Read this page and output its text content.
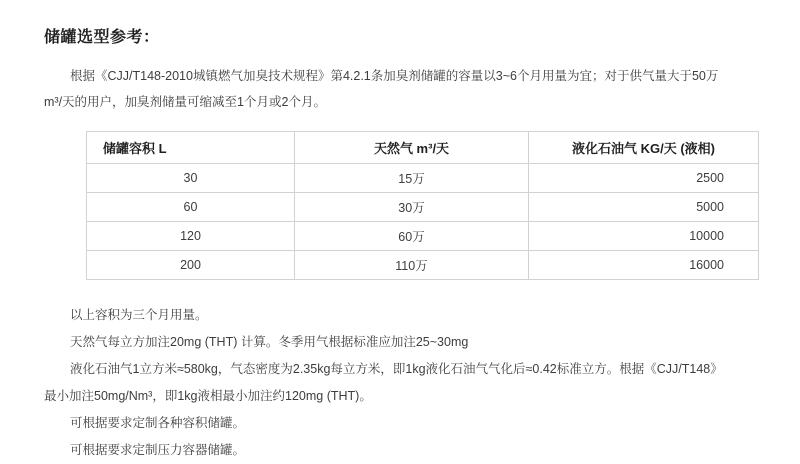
储罐选型参考：
根据《CJJ/T148-2010城镇燃气加臭技术规程》第4.2.1条加臭剂储罐的容量以3~6个月用量为宜；对于供气量大于50万
m³/天的用户，加臭剂储量可缩减至1个月或2个月。
储罐容积 L	天然气 m³/天	液化石油气 KG/天 (液相)
30	15万	2500
60	30万	5000
120	60万	10000
200	110万	16000

以上容积为三个月用量。

天然气每立方加注20mg (THT) 计算。冬季用气根据标准应加注25~30mg

液化石油气1立方米≈580kg，气态密度为2.35kg每立方米，即1kg液化石油气气化后≈0.42标准立方。根据《CJJ/T148》

最小加注50mg/Nm³，即1kg液相最小加注约120mg (THT)。

可根据要求定制各种容积储罐。

可根据要求定制压力容器储罐。
